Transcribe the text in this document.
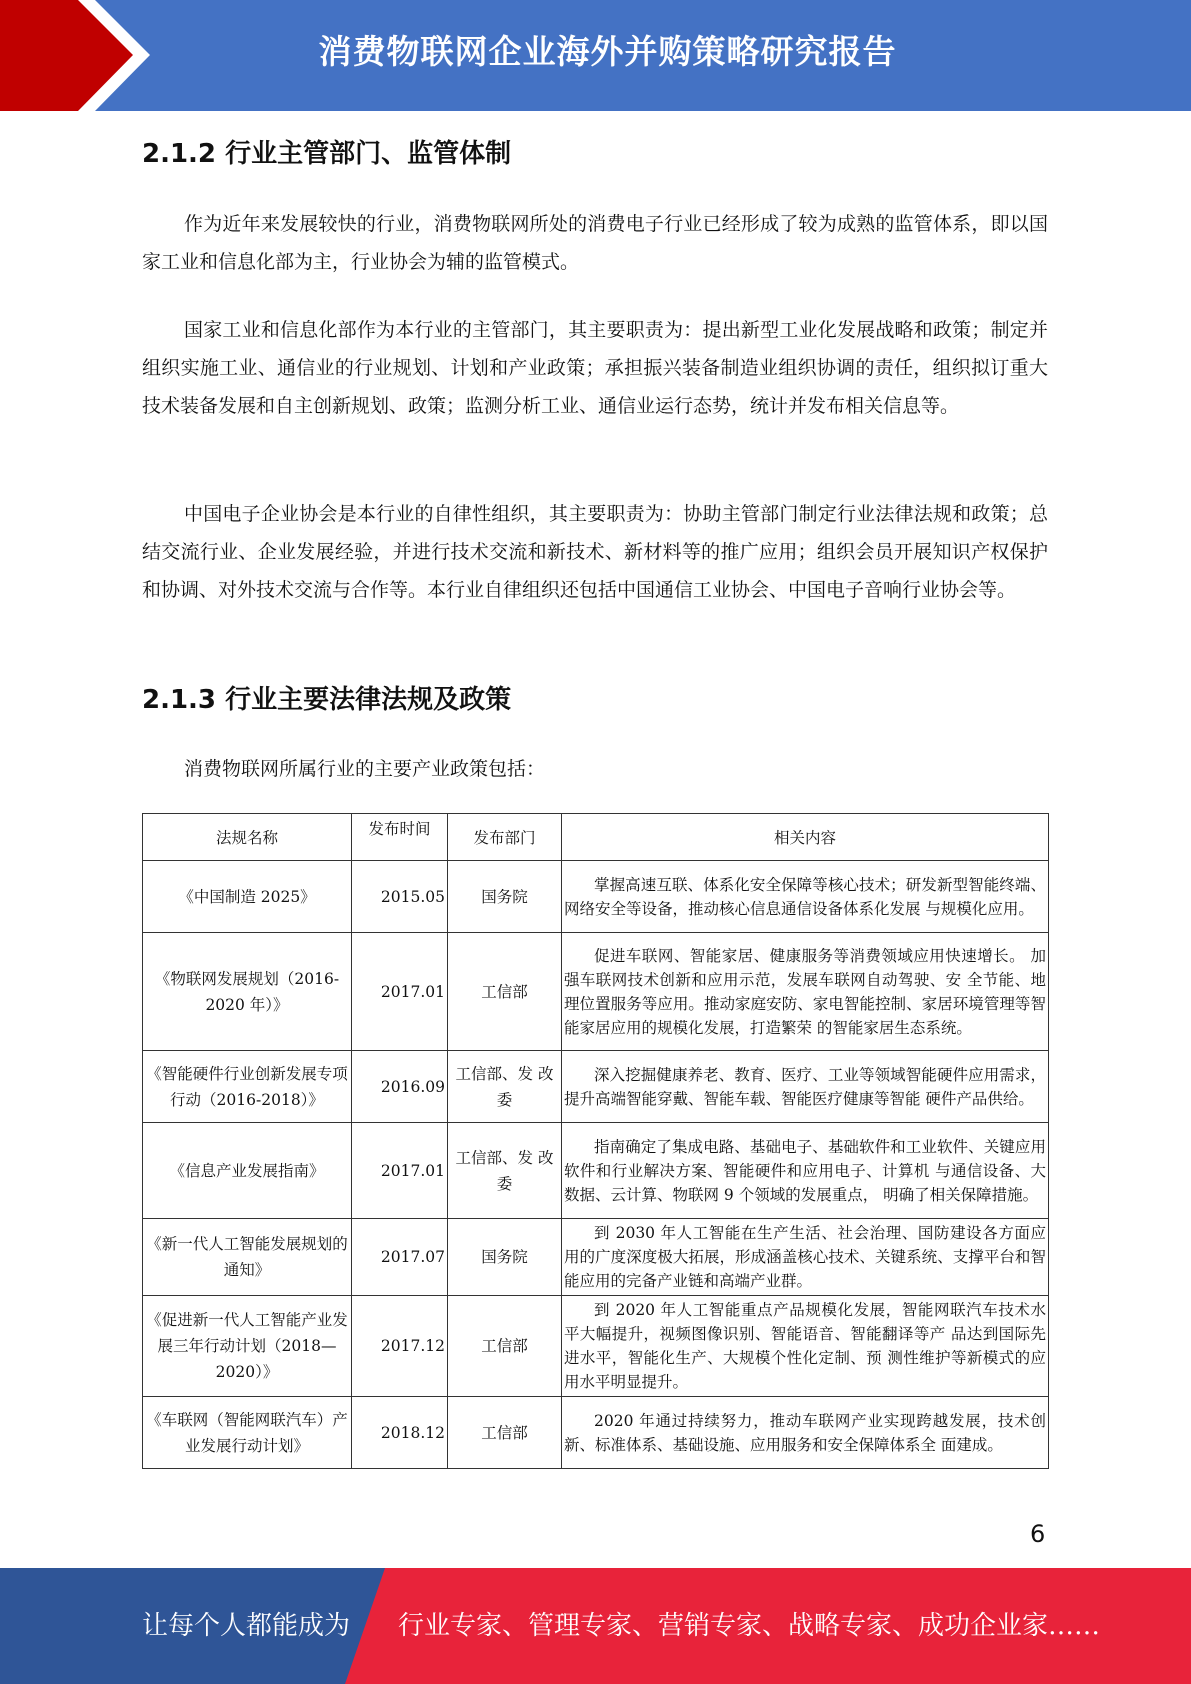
消费物联网企业海外并购策略研究报告
2.1.2 行业主管部门、监管体制

作为近年来发展较快的行业，消费物联网所处的消费电子行业已经形成了较为成熟的监管体系，即以国家工业和信息化部为主，行业协会为辅的监管模式。

国家工业和信息化部作为本行业的主管部门，其主要职责为：提出新型工业化发展战略和政策；制定并组织实施工业、通信业的行业规划、计划和产业政策；承担振兴装备制造业组织协调的责任，组织拟订重大技术装备发展和自主创新规划、政策；监测分析工业、通信业运行态势，统计并发布相关信息等。

中国电子企业协会是本行业的自律性组织，其主要职责为：协助主管部门制定行业法律法规和政策；总结交流行业、企业发展经验，并进行技术交流和新技术、新材料等的推广应用；组织会员开展知识产权保护和协调、对外技术交流与合作等。本行业自律组织还包括中国通信工业协会、中国电子音响行业协会等。

2.1.3 行业主要法律法规及政策
消费物联网所属行业的主要产业政策包括：
法规名称	发布时间	发布部门	相关内容
《中国制造 2025》	2015.05	国务院	掌握高速互联、体系化安全保障等核心技术；研发新型智能终端、网络安全等设备，推动核心信息通信设备体系化发展 与规模化应用。
《物联网发展规划（2016-2020 年）》	2017.01	工信部	促进车联网、智能家居、健康服务等消费领域应用快速增长。 加强车联网技术创新和应用示范，发展车联网自动驾驶、安 全节能、地理位置服务等应用。推动家庭安防、家电智能控制、家居环境管理等智能家居应用的规模化发展，打造繁荣 的智能家居生态系统。
《智能硬件行业创新发展专项行动（2016-2018）》	2016.09	工信部、发 改委	深入挖掘健康养老、教育、医疗、工业等领域智能硬件应用需求，提升高端智能穿戴、智能车载、智能医疗健康等智能 硬件产品供给。
《信息产业发展指南》	2017.01	工信部、发 改委	指南确定了集成电路、基础电子、基础软件和工业软件、关键应用软件和行业解决方案、智能硬件和应用电子、计算机 与通信设备、大数据、云计算、物联网 9 个领域的发展重点， 明确了相关保障措施。
《新一代人工智能发展规划的通知》	2017.07	国务院	到 2030 年人工智能在生产生活、社会治理、国防建设各方面应用的广度深度极大拓展，形成涵盖核心技术、关键系统、支撑平台和智能应用的完备产业链和高端产业群。
《促进新一代人工智能产业发展三年行动计划（2018—2020）》	2017.12	工信部	到 2020 年人工智能重点产品规模化发展，智能网联汽车技术水平大幅提升，视频图像识别、智能语音、智能翻译等产 品达到国际先进水平，智能化生产、大规模个性化定制、预 测性维护等新模式的应用水平明显提升。
《车联网（智能网联汽车）产业发展行动计划》	2018.12	工信部	2020 年通过持续努力，推动车联网产业实现跨越发展，技术创新、标准体系、基础设施、应用服务和安全保障体系全 面建成。
6
让每个人都能成为 行业专家、管理专家、营销专家、战略专家、成功企业家……
